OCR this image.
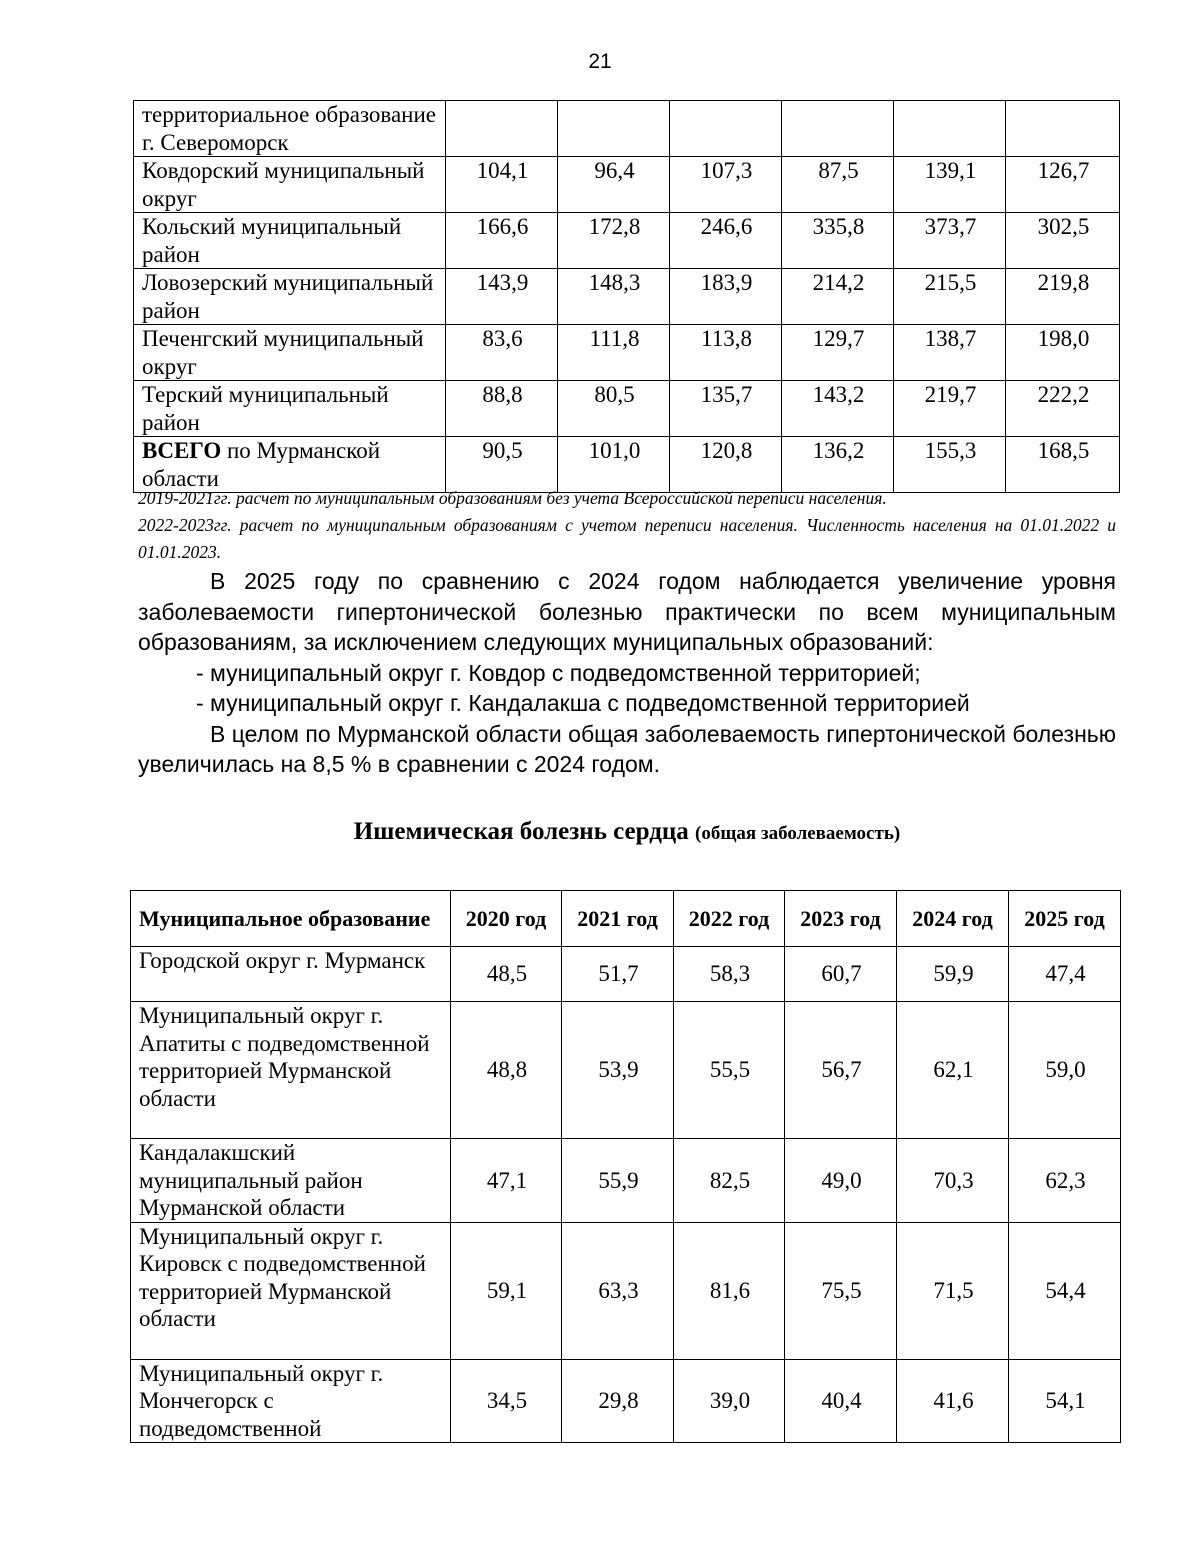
21
территориальное образование г. Североморск						
Ковдорский муниципальный округ	104,1	96,4	107,3	87,5	139,1	126,7
Кольский муниципальный район	166,6	172,8	246,6	335,8	373,7	302,5
Ловозерский муниципальный район	143,9	148,3	183,9	214,2	215,5	219,8
Печенгский муниципальный округ	83,6	111,8	113,8	129,7	138,7	198,0
Терский муниципальный район	88,8	80,5	135,7	143,2	219,7	222,2
ВСЕГО по Мурманской области	90,5	101,0	120,8	136,2	155,3	168,5

2019-2021гг. расчет по муниципальным образованиям без учета Всероссийской переписи населения.

2022-2023гг. расчет по муниципальным образованиям с учетом переписи населения. Численность населения на 01.01.2022 и 01.01.2023.

В 2025 году по сравнению с 2024 годом наблюдается увеличение уровня заболеваемости гипертонической болезнью практически по всем муниципальным образованиям, за исключением следующих муниципальных образований:

- муниципальный округ г. Ковдор с подведомственной территорией;

- муниципальный округ г. Кандалакша с подведомственной территорией

В целом по Мурманской области общая заболеваемость гипертонической болезнью увеличилась на 8,5 % в сравнении с 2024 годом.

Ишемическая болезнь сердца (общая заболеваемость)
Муниципальное образование	2020 год	2021 год	2022 год	2023 год	2024 год	2025 год
Городской округ г. Мурманск	48,5	51,7	58,3	60,7	59,9	47,4
Муниципальный округ г. Апатиты с подведомственной территорией Мурманской области	48,8	53,9	55,5	56,7	62,1	59,0
Кандалакшский муниципальный район Мурманской области	47,1	55,9	82,5	49,0	70,3	62,3
Муниципальный округ г. Кировск с подведомственной территорией Мурманской области	59,1	63,3	81,6	75,5	71,5	54,4
Муниципальный округ г. Мончегорск с подведомственной	34,5	29,8	39,0	40,4	41,6	54,1
